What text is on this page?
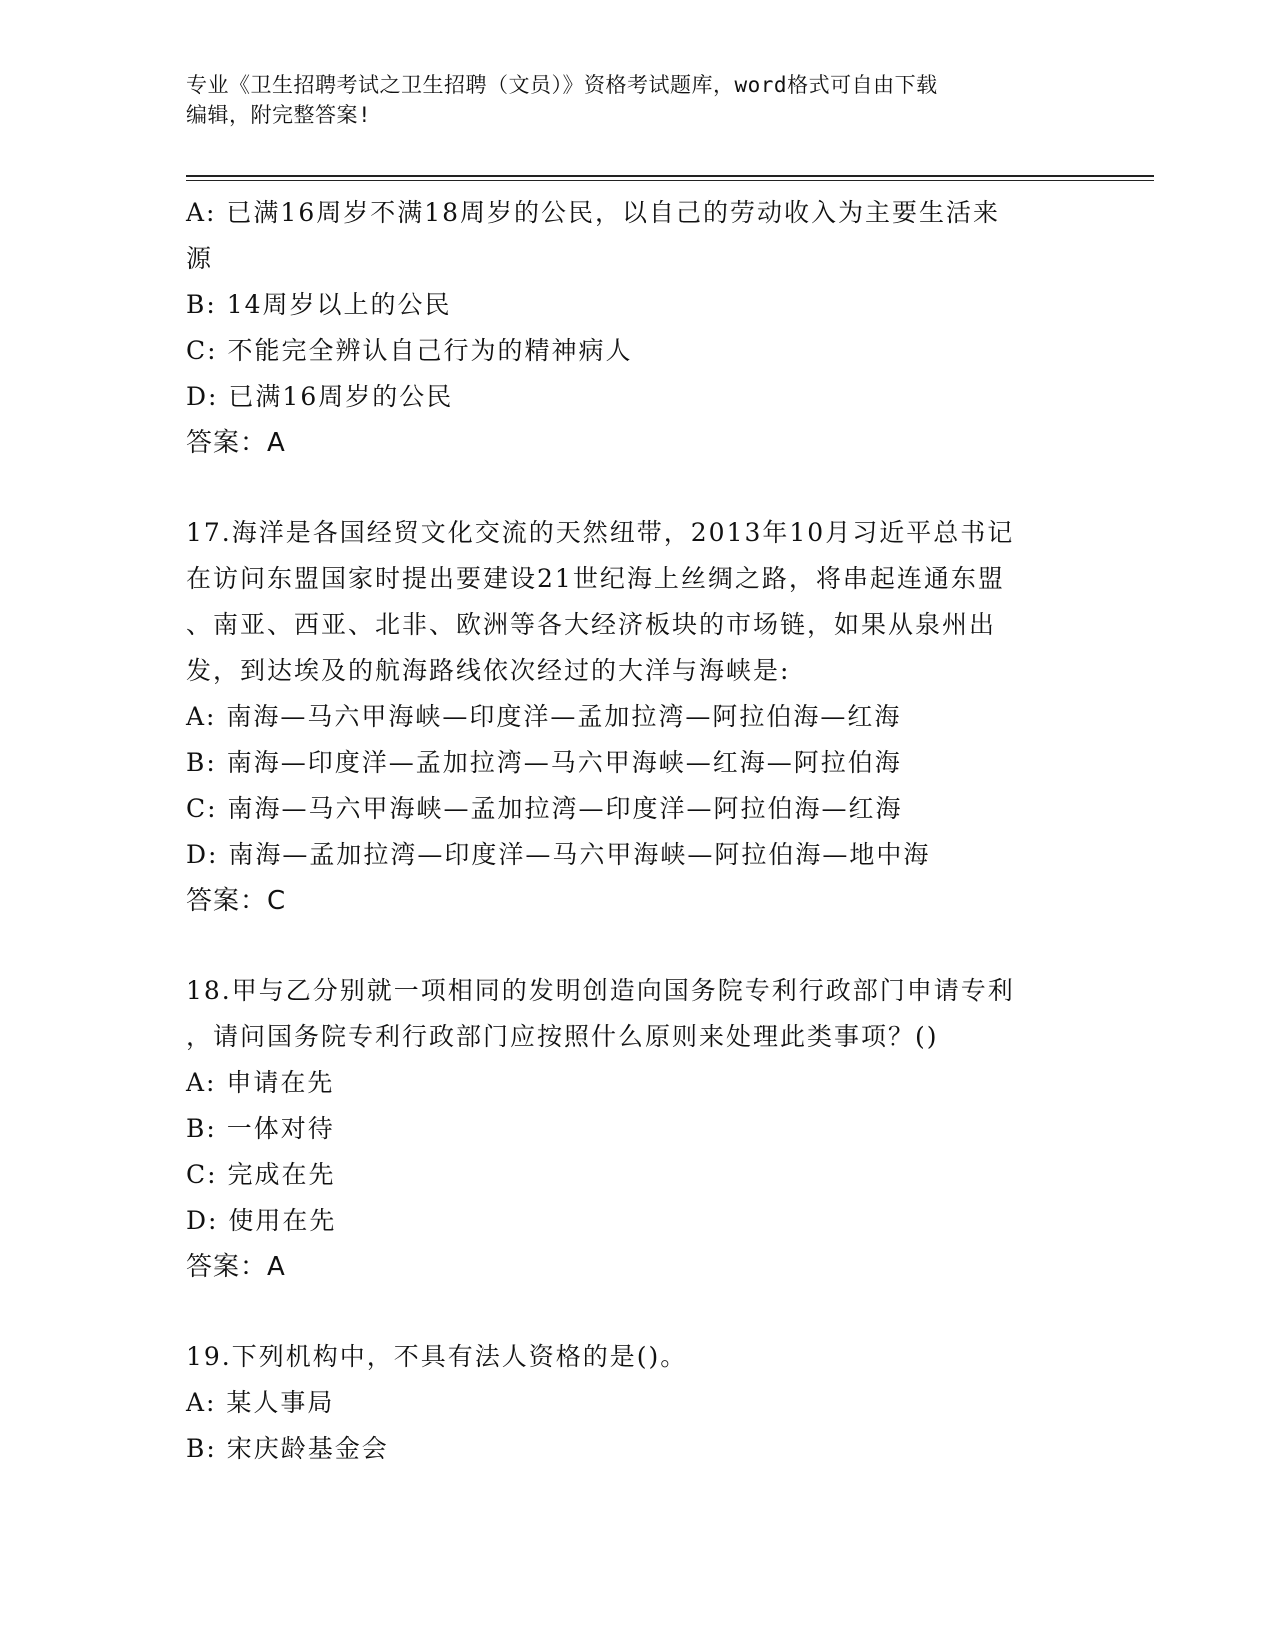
专业《卫生招聘考试之卫生招聘（文员）》资格考试题库，word格式可自由下载
编辑，附完整答案!
A: 已满16周岁不满18周岁的公民，以自己的劳动收入为主要生活来
源
B: 14周岁以上的公民
C: 不能完全辨认自己行为的精神病人
D: 已满16周岁的公民
答案：A
17.海洋是各国经贸文化交流的天然纽带，2013年10月习近平总书记
在访问东盟国家时提出要建设21世纪海上丝绸之路，将串起连通东盟
、南亚、西亚、北非、欧洲等各大经济板块的市场链，如果从泉州出
发，到达埃及的航海路线依次经过的大洋与海峡是:
A: 南海—马六甲海峡—印度洋—孟加拉湾—阿拉伯海—红海
B: 南海—印度洋—孟加拉湾—马六甲海峡—红海—阿拉伯海
C: 南海—马六甲海峡—孟加拉湾—印度洋—阿拉伯海—红海
D: 南海—孟加拉湾—印度洋—马六甲海峡—阿拉伯海—地中海
答案：C
18.甲与乙分别就一项相同的发明创造向国务院专利行政部门申请专利
，请问国务院专利行政部门应按照什么原则来处理此类事项？()
A: 申请在先
B: 一体对待
C: 完成在先
D: 使用在先
答案：A
19.下列机构中，不具有法人资格的是()。
A: 某人事局
B: 宋庆龄基金会
